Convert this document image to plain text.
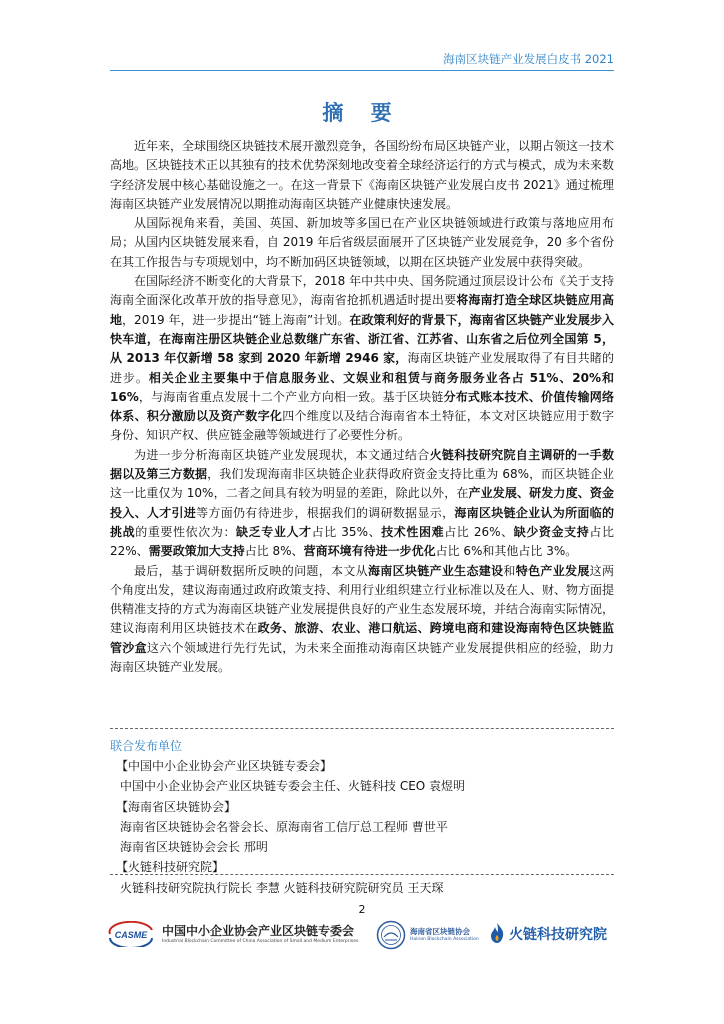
海南区块链产业发展白皮书 2021
摘 要

近年来，全球围绕区块链技术展开激烈竞争，各国纷纷布局区块链产业，以期占领这一技术高地。区块链技术正以其独有的技术优势深刻地改变着全球经济运行的方式与模式，成为未来数字经济发展中核心基础设施之一。在这一背景下《海南区块链产业发展白皮书 2021》通过梳理海南区块链产业发展情况以期推动海南区块链产业健康快速发展。

从国际视角来看，美国、英国、新加坡等多国已在产业区块链领域进行政策与落地应用布局；从国内区块链发展来看，自 2019 年后省级层面展开了区块链产业发展竞争，20 多个省份在其工作报告与专项规划中，均不断加码区块链领域，以期在区块链产业发展中获得突破。

在国际经济不断变化的大背景下，2018 年中共中央、国务院通过顶层设计公布《关于支持海南全面深化改革开放的指导意见》，海南省抢抓机遇适时提出要将海南打造全球区块链应用高地，2019 年，进一步提出“链上海南”计划。在政策利好的背景下，海南省区块链产业发展步入快车道，在海南注册区块链企业总数继广东省、浙江省、江苏省、山东省之后位列全国第 5，从 2013 年仅新增 58 家到 2020 年新增 2946 家，海南区块链产业发展取得了有目共睹的进步。相关企业主要集中于信息服务业、文娱业和租赁与商务服务业各占 51%、20%和 16%，与海南省重点发展十二个产业方向相一致。基于区块链分布式账本技术、价值传输网络体系、积分激励以及资产数字化四个维度以及结合海南省本土特征，本文对区块链应用于数字身份、知识产权、供应链金融等领域进行了必要性分析。

为进一步分析海南区块链产业发展现状，本文通过结合火链科技研究院自主调研的一手数据以及第三方数据，我们发现海南非区块链企业获得政府资金支持比重为 68%，而区块链企业这一比重仅为 10%，二者之间具有较为明显的差距，除此以外，在产业发展、研发力度、资金投入、人才引进等方面仍有待进步，根据我们的调研数据显示，海南区块链企业认为所面临的挑战的重要性依次为：缺乏专业人才占比 35%、技术性困难占比 26%、缺少资金支持占比 22%、需要政策加大支持占比 8%、营商环境有待进一步优化占比 6%和其他占比 3%。

最后，基于调研数据所反映的问题，本文从海南区块链产业生态建设和特色产业发展这两个角度出发，建议海南通过政府政策支持、利用行业组织建立行业标准以及在人、财、物方面提供精准支持的方式为海南区块链产业发展提供良好的产业生态发展环境，并结合海南实际情况，建议海南利用区块链技术在政务、旅游、农业、港口航运、跨境电商和建设海南特色区块链监管沙盒这六个领域进行先行先试，为未来全面推动海南区块链产业发展提供相应的经验，助力海南区块链产业发展。

联合发布单位
【中国中小企业协会产业区块链专委会】
中国中小企业协会产业区块链专委会主任、火链科技 CEO 袁煜明
【海南省区块链协会】
海南省区块链协会名誉会长、原海南省工信厅总工程师 曹世平
海南省区块链协会会长 邢明
【火链科技研究院】
火链科技研究院执行院长 李慧 火链科技研究院研究员 王天琛
2
CASME 中国中小企业协会产业区块链专委会
Industrial Blockchain Committee of China Association of Small and Medium Enterprises
海南省区块链协会
Hainan Blockchain Association 火链科技研究院
